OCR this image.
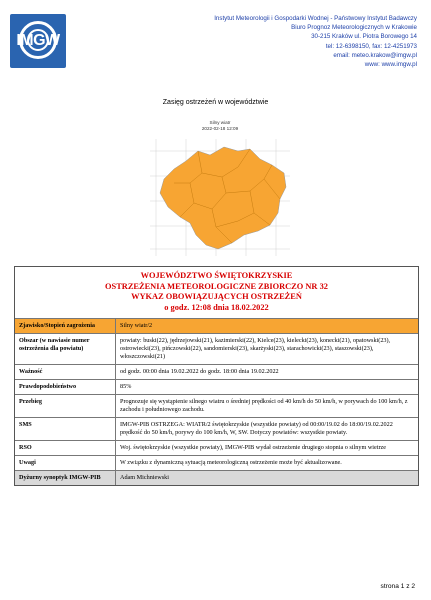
IMGW
Instytut Meteorologii i Gospodarki Wodnej - Państwowy Instytut Badawczy
Biuro Prognoz Meteorologicznych w Krakowie
30-215 Kraków ul. Piotra Borowego 14
tel: 12-6398150, fax: 12-4251973
email: meteo.krakow@imgw.pl
www: www.imgw.pl
Zasięg ostrzeżeń w województwie
Silny wiatr
2022-02-18 12:09
WOJEWÓDZTWO ŚWIĘTOKRZYSKIE
OSTRZEŻENIA METEOROLOGICZNE ZBIORCZO NR 32
WYKAZ OBOWIĄZUJĄCYCH OSTRZEŻEŃ
o godz. 12:08 dnia 18.02.2022
Zjawisko/Stopień zagrożenia	Silny wiatr/2
Obszar (w nawiasie numer ostrzeżenia dla powiatu)	powiaty: buski(22), jędrzejowski(21), kazimierski(22), Kielce(23), kielecki(23), konecki(21), opatowski(23), ostrowiecki(23), pińczowski(22), sandomierski(23), skarżyski(23), starachowicki(23), staszowski(23), włoszczowski(21)
Ważność	od godz. 00:00 dnia 19.02.2022 do godz. 18:00 dnia 19.02.2022
Prawdopodobieństwo	85%
Przebieg	Prognozuje się wystąpienie silnego wiatru o średniej prędkości od 40 km/h do 50 km/h, w porywach do 100 km/h, z zachodu i południowego zachodu.
SMS	IMGW-PIB OSTRZEGA: WIATR/2 świętokrzyskie (wszystkie powiaty) od 00:00/19.02 do 18:00/19.02.2022 prędkość do 50 km/h, porywy do 100 km/h, W, SW. Dotyczy powiatów: wszystkie powiaty.
RSO	Woj. świętokrzyskie (wszystkie powiaty), IMGW-PIB wydał ostrzeżenie drugiego stopnia o silnym wietrze
Uwagi	W związku z dynamiczną sytuacją meteorologiczną ostrzeżenie może być aktualizowane.
Dyżurny synoptyk IMGW-PIB	Adam Michniewski
strona 1 z 2
